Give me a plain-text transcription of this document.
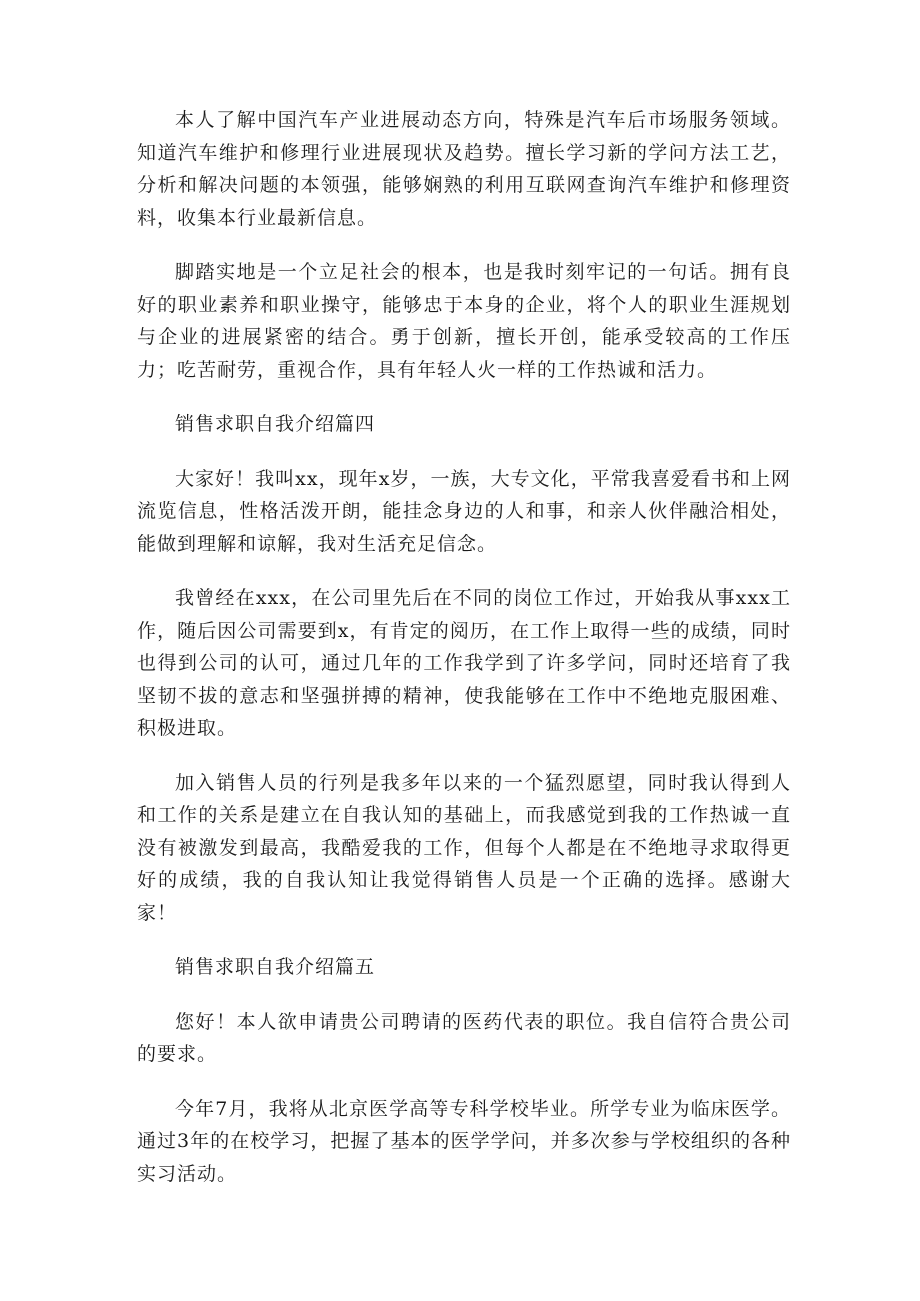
本人了解中国汽车产业进展动态方向，特殊是汽车后市场服务领域。知道汽车维护和修理行业进展现状及趋势。擅长学习新的学问方法工艺，分析和解决问题的本领强，能够娴熟的利用互联网查询汽车维护和修理资料，收集本行业最新信息。

脚踏实地是一个立足社会的根本，也是我时刻牢记的一句话。拥有良好的职业素养和职业操守，能够忠于本身的企业，将个人的职业生涯规划与企业的进展紧密的结合。勇于创新，擅长开创，能承受较高的工作压力；吃苦耐劳，重视合作，具有年轻人火一样的工作热诚和活力。

销售求职自我介绍篇四

大家好！我叫xx，现年x岁，一族，大专文化，平常我喜爱看书和上网流览信息，性格活泼开朗，能挂念身边的人和事，和亲人伙伴融洽相处，能做到理解和谅解，我对生活充足信念。

我曾经在xxx，在公司里先后在不同的岗位工作过，开始我从事xxx工作，随后因公司需要到x，有肯定的阅历，在工作上取得一些的成绩，同时也得到公司的认可，通过几年的工作我学到了许多学问，同时还培育了我坚韧不拔的意志和坚强拼搏的精神，使我能够在工作中不绝地克服困难、积极进取。

加入销售人员的行列是我多年以来的一个猛烈愿望，同时我认得到人和工作的关系是建立在自我认知的基础上，而我感觉到我的工作热诚一直没有被激发到最高，我酷爱我的工作，但每个人都是在不绝地寻求取得更好的成绩，我的自我认知让我觉得销售人员是一个正确的选择。感谢大家！

销售求职自我介绍篇五

您好！本人欲申请贵公司聘请的医药代表的职位。我自信符合贵公司的要求。

今年7月，我将从北京医学高等专科学校毕业。所学专业为临床医学。通过3年的在校学习，把握了基本的医学学问，并多次参与学校组织的各种实习活动。
